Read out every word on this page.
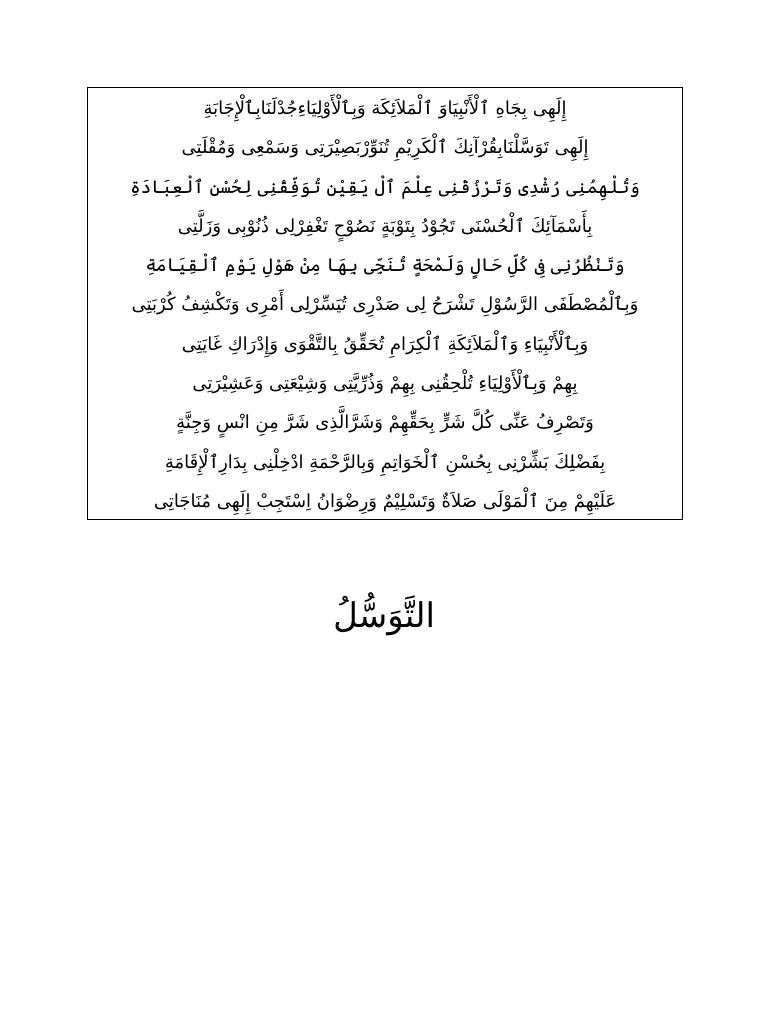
إِلَهِى بِجَاهِ ٱلْأَنْبِيَاوَ ٱلْمَلاَئِكَة وَبِٱلْأَوْلِيَاءِجُدْلَنَابِٱلْإِجَابَةِ
إِلَهِى تَوَسَّلْنَابِقُرْآنِكَ ٱلْكَرِيْمِ تُنَوِّرْبَصِيْرَتِى وَسَمْعِى وَمُقْلَتِى
وَتُلْهِمُنِى رُشْدِى وَتَرْزُقْنِى عِلْمَ ٱلْ يَقِيْنِ تُوَفِّقْنِى لِحُسْنِ ٱلْعِبَادَةِ
بِأَسْمَآئِكَ ٱلْحُسْنَى تَجُوْدُ بِتَوْبَةٍ نَصُوْحٍ تَغْفِرْلِى ذُنُوْبِى وَزَلَّتِى
وَتَنْظُرُنِى فِى كُلِّ حَالٍ وَلَمْحَةٍ تُنَجِّى بِهَا مِنْ هَوْلِ يَوْمِ ٱلْقِيَامَةِ
وَبِٱلْمُصْطَفَى الرَّسُوْلِ تَشْرَحُ لِى صَدْرِى تُيَسِّرْلِى أَمْرِى وَتَكْشِفُ كُرْبَتِى
وَبِٱلْأَنْبِيَاءِ وَٱلْمَلاَئِكَةِ ٱلْكِرَامِ تُحَقِّقُ بِالتَّقْوَى وَإِدْرَاكِ غَايَتِى
بِهِمْ وَبِٱلْأَوْلِيَاءِ تُلْحِقُنِى بِهِمْ وَذُرِّيَّتِى وَشِيْعَتِى وَعَشِيْرَتِى
وَتَصْرِفُ عَنِّى كُلَّ شَرٍّ بِحَقِّهِمْ وَشَرَّالَّذِى شَرَّ مِنِ انْسٍ وَجِنَّةٍ
بِفَضْلِكَ بَشِّرْنِى بِحُسْنِ ٱلْخَوَاتِمِ وَبِالرَّحْمَةِ ادْخِلْنِى بِدَارِٱلْإِقَامَةِ
عَلَيْهِمْ مِنَ ٱلْمَوْلَى صَلاَةٌ وَتَسْلِيْمٌ وَرِضْوَانُ اِسْتَجِبْ إِلَهِى مُنَاجَاتِى
التَّوَسُّلُ
